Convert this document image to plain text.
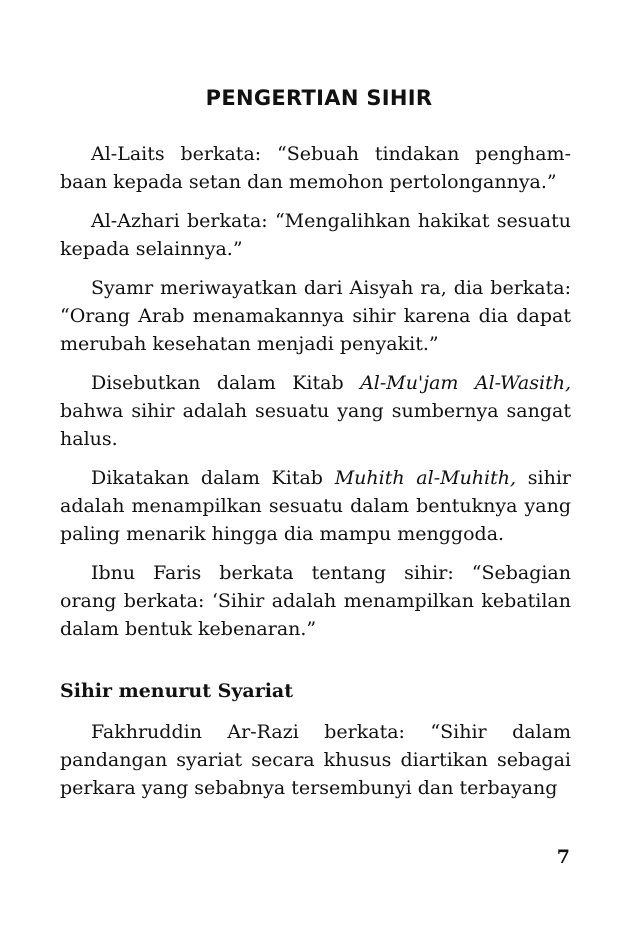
PENGERTIAN SIHIR

Al-Laits berkata: “Sebuah tindakan penghambaan kepada setan dan memohon pertolongannya.”

Al-Azhari berkata: “Mengalihkan hakikat sesuatu kepada selainnya.”

Syamr meriwayatkan dari Aisyah ra, dia berkata: “Orang Arab menamakannya sihir karena dia dapat merubah kesehatan menjadi penyakit.”

Disebutkan dalam Kitab Al-Mu'jam Al-Wasith, bahwa sihir adalah sesuatu yang sumbernya sangat halus.

Dikatakan dalam Kitab Muhith al-Muhith, sihir adalah menampilkan sesuatu dalam bentuknya yang paling menarik hingga dia mampu menggoda.

Ibnu Faris berkata tentang sihir: “Sebagian orang berkata: ‘Sihir adalah menampilkan kebatilan dalam bentuk kebenaran.”

Sihir menurut Syariat

Fakhruddin Ar-Razi berkata: “Sihir dalam pandangan syariat secara khusus diartikan sebagai perkara yang sebabnya tersembunyi dan terbayang

7
